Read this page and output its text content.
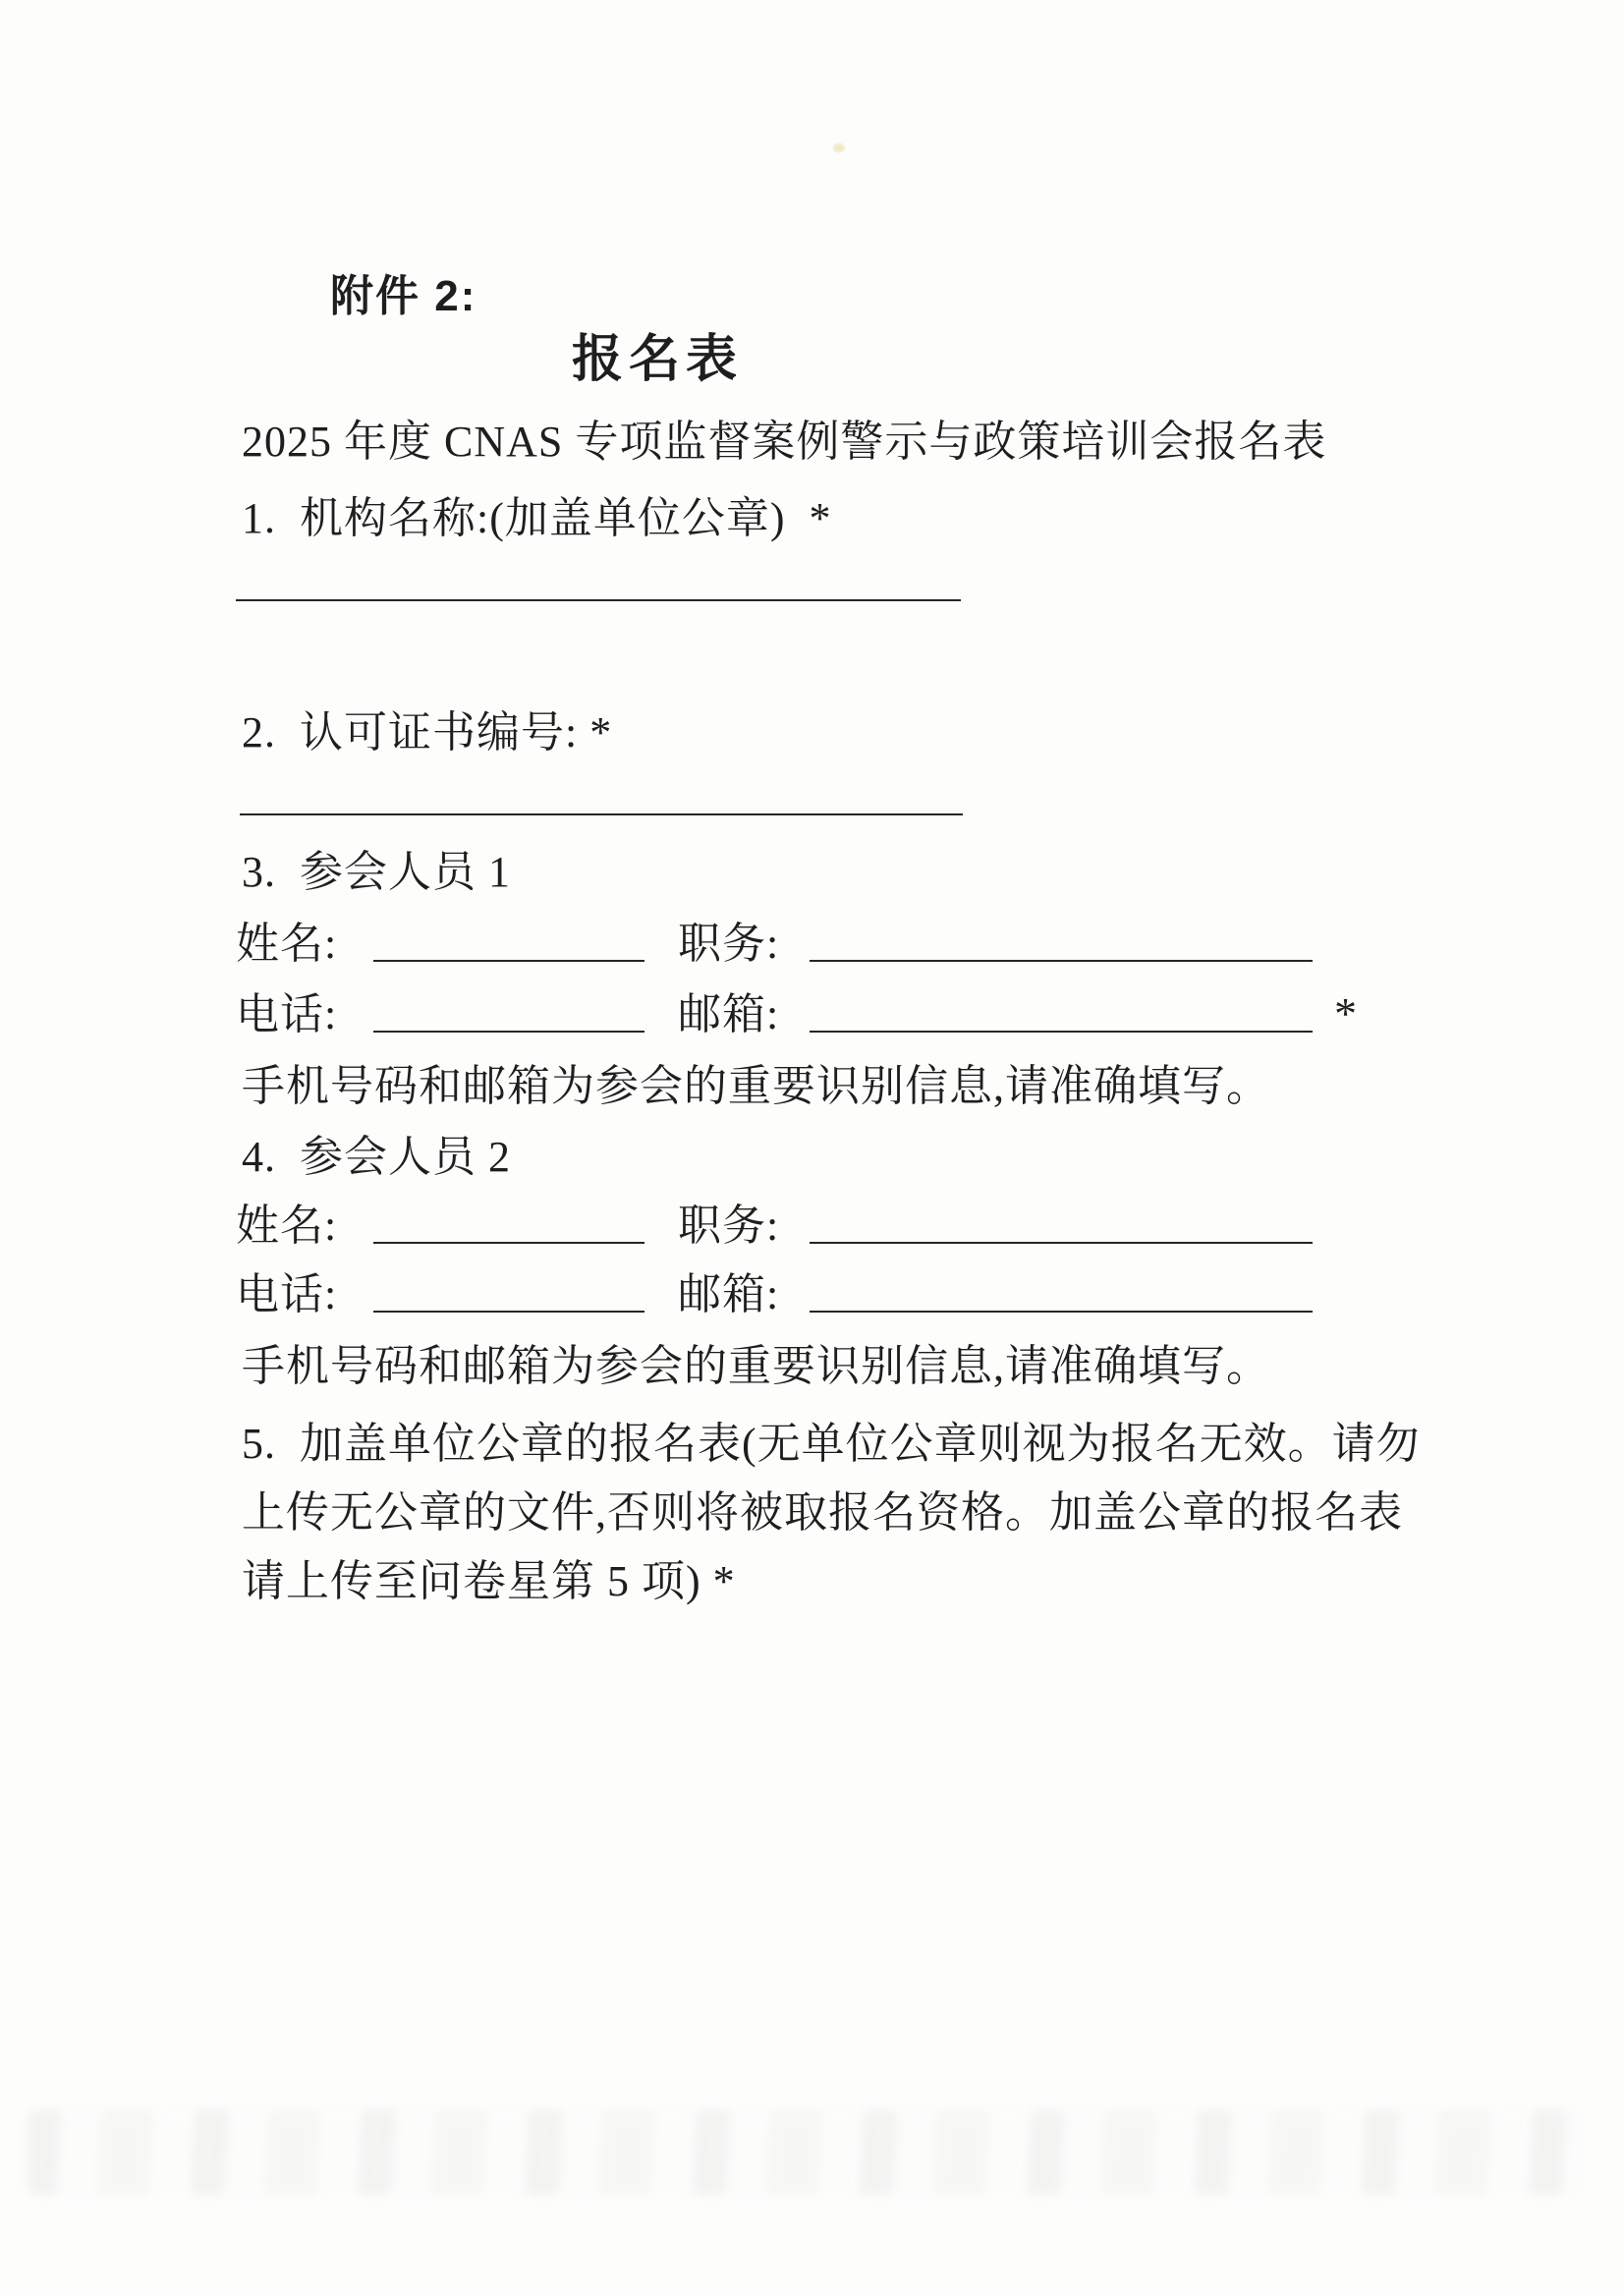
附件 2:
报名表
2025 年度 CNAS 专项监督案例警示与政策培训会报名表
1.  机构名称:(加盖单位公章)  *
2.  认可证书编号: *
3.  参会人员 1
姓名:	职务:
电话:	邮箱:	*
手机号码和邮箱为参会的重要识别信息,请准确填写。
4.  参会人员 2
姓名:	职务:
电话:	邮箱:
手机号码和邮箱为参会的重要识别信息,请准确填写。
5.  加盖单位公章的报名表(无单位公章则视为报名无效。请勿
上传无公章的文件,否则将被取报名资格。加盖公章的报名表
请上传至问卷星第 5 项) *
